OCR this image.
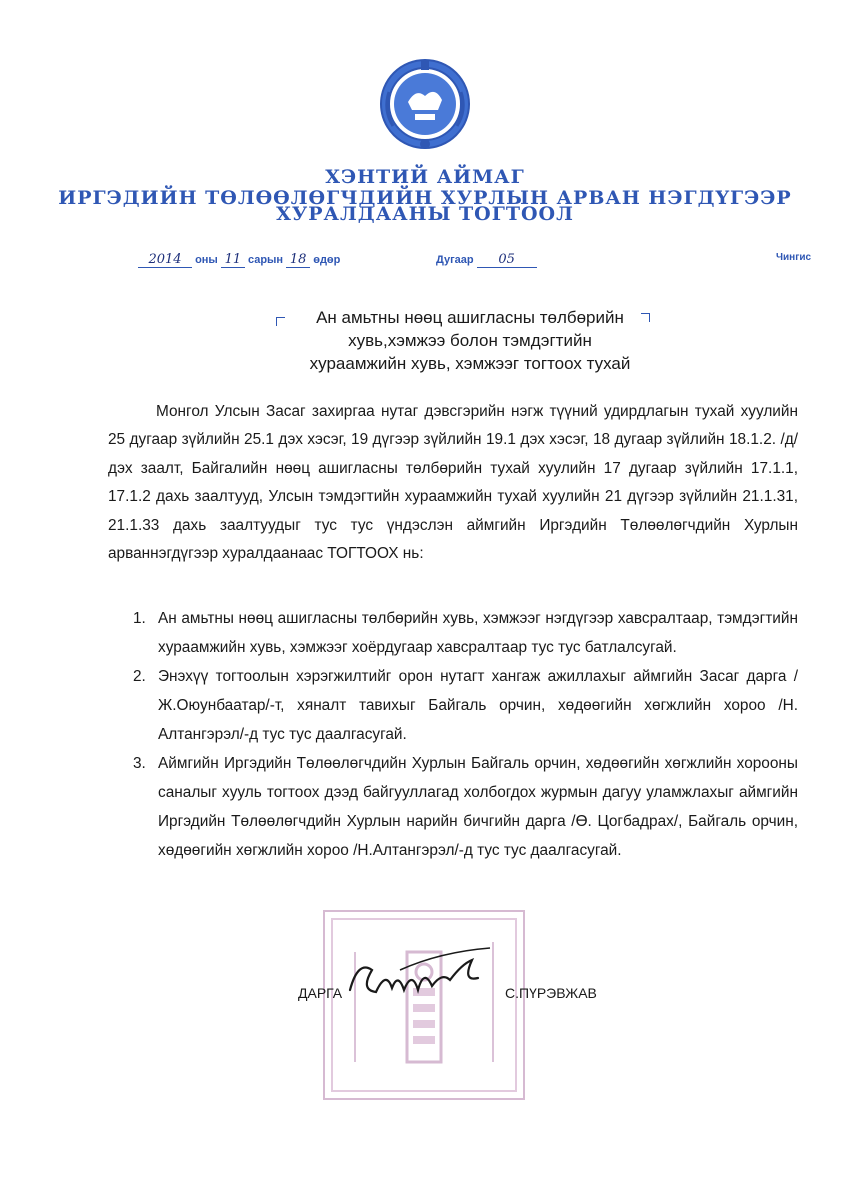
ХЭНТИЙ АЙМАГ
ИРГЭДИЙН ТӨЛӨӨЛӨГЧДИЙН ХУРЛЫН АРВАН НЭГДҮГЭЭР
ХУРАЛДААНЫ ТОГТООЛ
2014 оны 11 сарын 18 өдөр	Дугаар 05	Чингис
Ан амьтны нөөц ашигласны төлбөрийн
хувь,хэмжээ болон тэмдэгтийн
хураамжийн хувь, хэмжээг тогтоох тухай
Монгол Улсын Засаг захиргаа нутаг дэвсгэрийн нэгж түүний удирдлагын тухай хуулийн 25 дугаар зүйлийн 25.1 дэх хэсэг, 19 дүгээр зүйлийн 19.1 дэх хэсэг, 18 дугаар зүйлийн 18.1.2. /д/ дэх заалт, Байгалийн нөөц ашигласны төлбөрийн тухай хуулийн 17 дугаар зүйлийн 17.1.1, 17.1.2 дахь заалтууд, Улсын тэмдэгтийн хураамжийн тухай хуулийн 21 дүгээр зүйлийн 21.1.31, 21.1.33 дахь заалтуудыг тус тус үндэслэн аймгийн Иргэдийн Төлөөлөгчдийн Хурлын арваннэгдүгээр хуралдаанаас ТОГТООХ нь:
1. Ан амьтны нөөц ашигласны төлбөрийн хувь, хэмжээг нэгдүгээр хавсралтаар, тэмдэгтийн хураамжийн хувь, хэмжээг хоёрдугаар хавсралтаар тус тус батлалсугай.
2. Энэхүү тогтоолын хэрэгжилтийг орон нутагт хангаж ажиллахыг аймгийн Засаг дарга /Ж.Оюунбаатар/-т, хяналт тавихыг Байгаль орчин, хөдөөгийн хөгжлийн хороо /Н. Алтангэрэл/-д тус тус даалгасугай.
3. Аймгийн Иргэдийн Төлөөлөгчдийн Хурлын Байгаль орчин, хөдөөгийн хөгжлийн хорооны саналыг хууль тогтоох дээд байгууллагад холбогдох журмын дагуу уламжлахыг аймгийн Иргэдийн Төлөөлөгчдийн Хурлын нарийн бичгийн дарга /Ө. Цогбадрах/, Байгаль орчин, хөдөөгийн хөгжлийн хороо /Н.Алтангэрэл/-д тус тус даалгасугай.
ДАРГА	С.ПҮРЭВЖАВ
